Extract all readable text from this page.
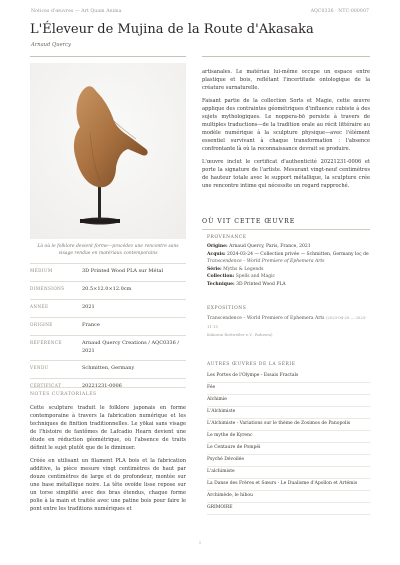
Notices d'œuvres — Art Quam Anima	AQC0336 · NTC-000007
L'Éleveur de Mujina de la Route d'Akasaka
Arnaud Quercy
Là où le folklore devient forme—procédez une rencontre sans visage rendue en matériaux contemporains
MÉDIUM	3D Printed Wood PLA sur Métal
DIMENSIONS	20.5×12.0×12.0cm
ANNÉE	2021
ORIGINE	France
RÉFÉRENCE	Arnaud Quercy Creations / AQC0336 / 2021
VENDU	Schmitten, Germany
CERTIFICAT	20221231-0006
NOTES CURATORIALES

Cette sculpture traduit le folklore japonais en forme contemporaine à travers la fabrication numérique et les techniques de finition traditionnelles. Le yōkai sans visage de l'histoire de fantômes de Lafcadio Hearn devient une étude en réduction géométrique, où l'absence de traits définit le sujet plutôt que de le diminuer.

Créée en utilisant un filament PLA bois et la fabrication additive, la pièce mesure vingt centimètres de haut par douze centimètres de large et de profondeur, montée sur une base métallique noire. La tête ovoïde lisse repose sur un torse simplifié avec des bras étendus, chaque forme polie à la main et traitée avec une patine bois pour faire le pont entre les traditions numériques et

artisanales. Le matériau lui-même occupe un espace entre plastique et bois, reflétant l'incertitude ontologique de la créature surnaturelle.

Faisant partie de la collection Sorts et Magie, cette œuvre applique des contraintes géométriques d'influence cubiste à des sujets mythologiques. Le noppera-bō persiste à travers de multiples traductions—de la tradition orale au récit littéraire au modèle numérique à la sculpture physique—avec l'élément essentiel survivant à chaque transformation : l'absence confrontante là où la reconnaissance devrait se produire.

L'œuvre inclut le certificat d'authenticité 20221231-0006 et porte la signature de l'artiste. Mesurant vingt-neuf centimètres de hauteur totale avec le support métallique, la sculpture crée une rencontre intime qui nécessite un regard rapproché.

OÙ VIT CETTE ŒUVRE
PROVENANCE
Origine: Arnaud Quercy, Paris, France, 2021
Acquis: 2024-03-24 — Collection privée — Schmitten, Germany loς de
Transcendence – World Premiere of Ephemera Arts
Série: Myths & Legends
Collection: Spells and Magic
Technique: 3D Printed Wood PLA
EXPOSITIONS
Transcendence – World Premiere of Ephemera Arts (2023-04-29 — 2023-11-15
Kokoron Rottweiler e.V., Rohrsen)
AUTRES ŒUVRES DE LA SÉRIE
Les Portes de l'Olympe - Essais Fractals
Fée
Alchimie
L'Alchimiste
L'Alchimiste - Variations sur le thème de Zosimos de Panopolis
Le mythe de Kyrenc
Le Centaure de Pompéi
Psyché Dévoilée
L'alchimiste
La Danse des Frères et Sœurs - Le Dualisme d'Apollon et Artémis
Archimède, le hibou
GRIMOIRE
1
